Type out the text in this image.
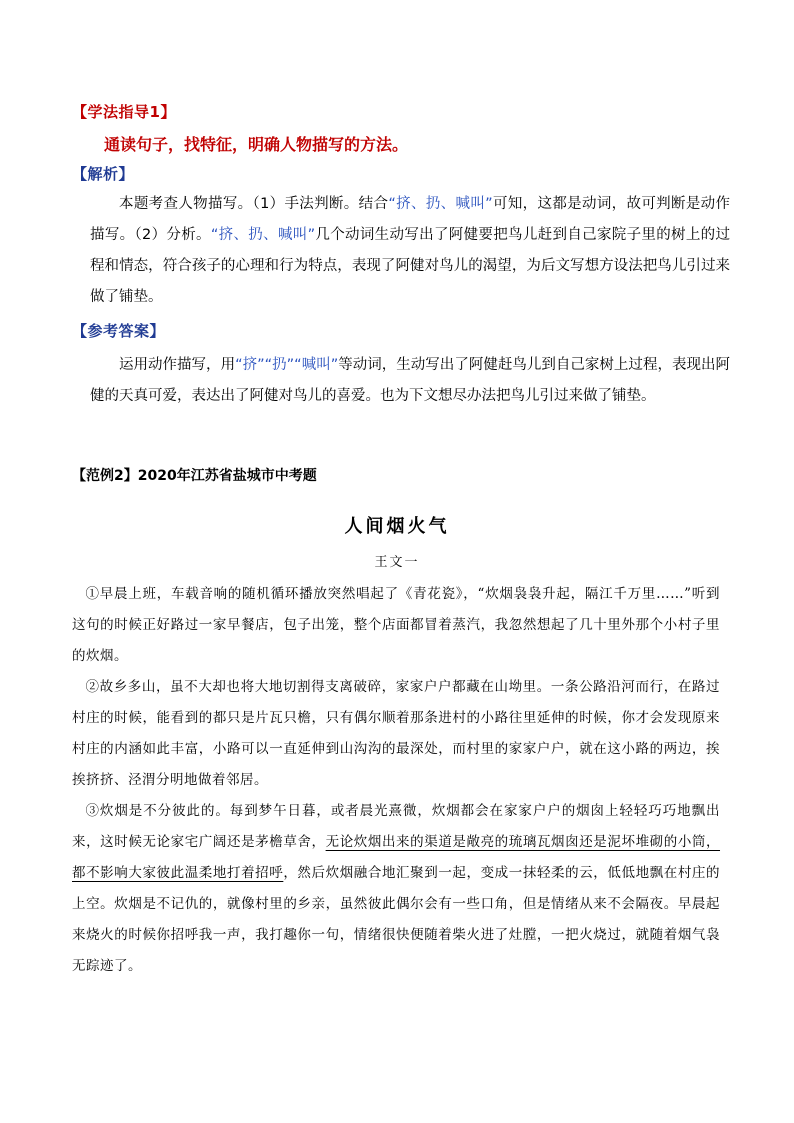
【学法指导1】
通读句子，找特征，明确人物描写的方法。
【解析】
本题考查人物描写。（1）手法判断。结合“挤、扔、喊叫”可知，这都是动词，故可判断是动作描写。（2）分析。“挤、扔、喊叫”几个动词生动写出了阿健要把鸟儿赶到自己家院子里的树上的过程和情态，符合孩子的心理和行为特点，表现了阿健对鸟儿的渴望，为后文写想方设法把鸟儿引过来做了铺垫。
【参考答案】
运用动作描写，用“挤”“扔”“喊叫”等动词，生动写出了阿健赶鸟儿到自己家树上过程，表现出阿健的天真可爱，表达出了阿健对鸟儿的喜爱。也为下文想尽办法把鸟儿引过来做了铺垫。
【范例2】2020年江苏省盐城市中考题
人间烟火气
王文一
①早晨上班，车载音响的随机循环播放突然唱起了《青花瓷》，“炊烟袅袅升起，隔江千万里……”听到这句的时候正好路过一家早餐店，包子出笼，整个店面都冒着蒸汽，我忽然想起了几十里外那个小村子里的炊烟。
②故乡多山，虽不大却也将大地切割得支离破碎，家家户户都藏在山坳里。一条公路沿河而行，在路过村庄的时候，能看到的都只是片瓦只檐，只有偶尔顺着那条进村的小路往里延伸的时候，你才会发现原来村庄的内涵如此丰富，小路可以一直延伸到山沟沟的最深处，而村里的家家户户，就在这小路的两边，挨挨挤挤、泾渭分明地做着邻居。
③炊烟是不分彼此的。每到梦午日暮，或者晨光熹微，炊烟都会在家家户户的烟囱上轻轻巧巧地飘出来，这时候无论家宅广阔还是茅檐草舍，无论炊烟出来的渠道是敞亮的琉璃瓦烟囱还是泥坏堆砌的小筒，都不影响大家彼此温柔地打着招呼，然后炊烟融合地汇聚到一起，变成一抹轻柔的云，低低地飘在村庄的上空。炊烟是不记仇的，就像村里的乡亲，虽然彼此偶尔会有一些口角，但是情绪从来不会隔夜。早晨起来烧火的时候你招呼我一声，我打趣你一句，情绪很快便随着柴火进了灶膛，一把火烧过，就随着烟气袅无踪迹了。
